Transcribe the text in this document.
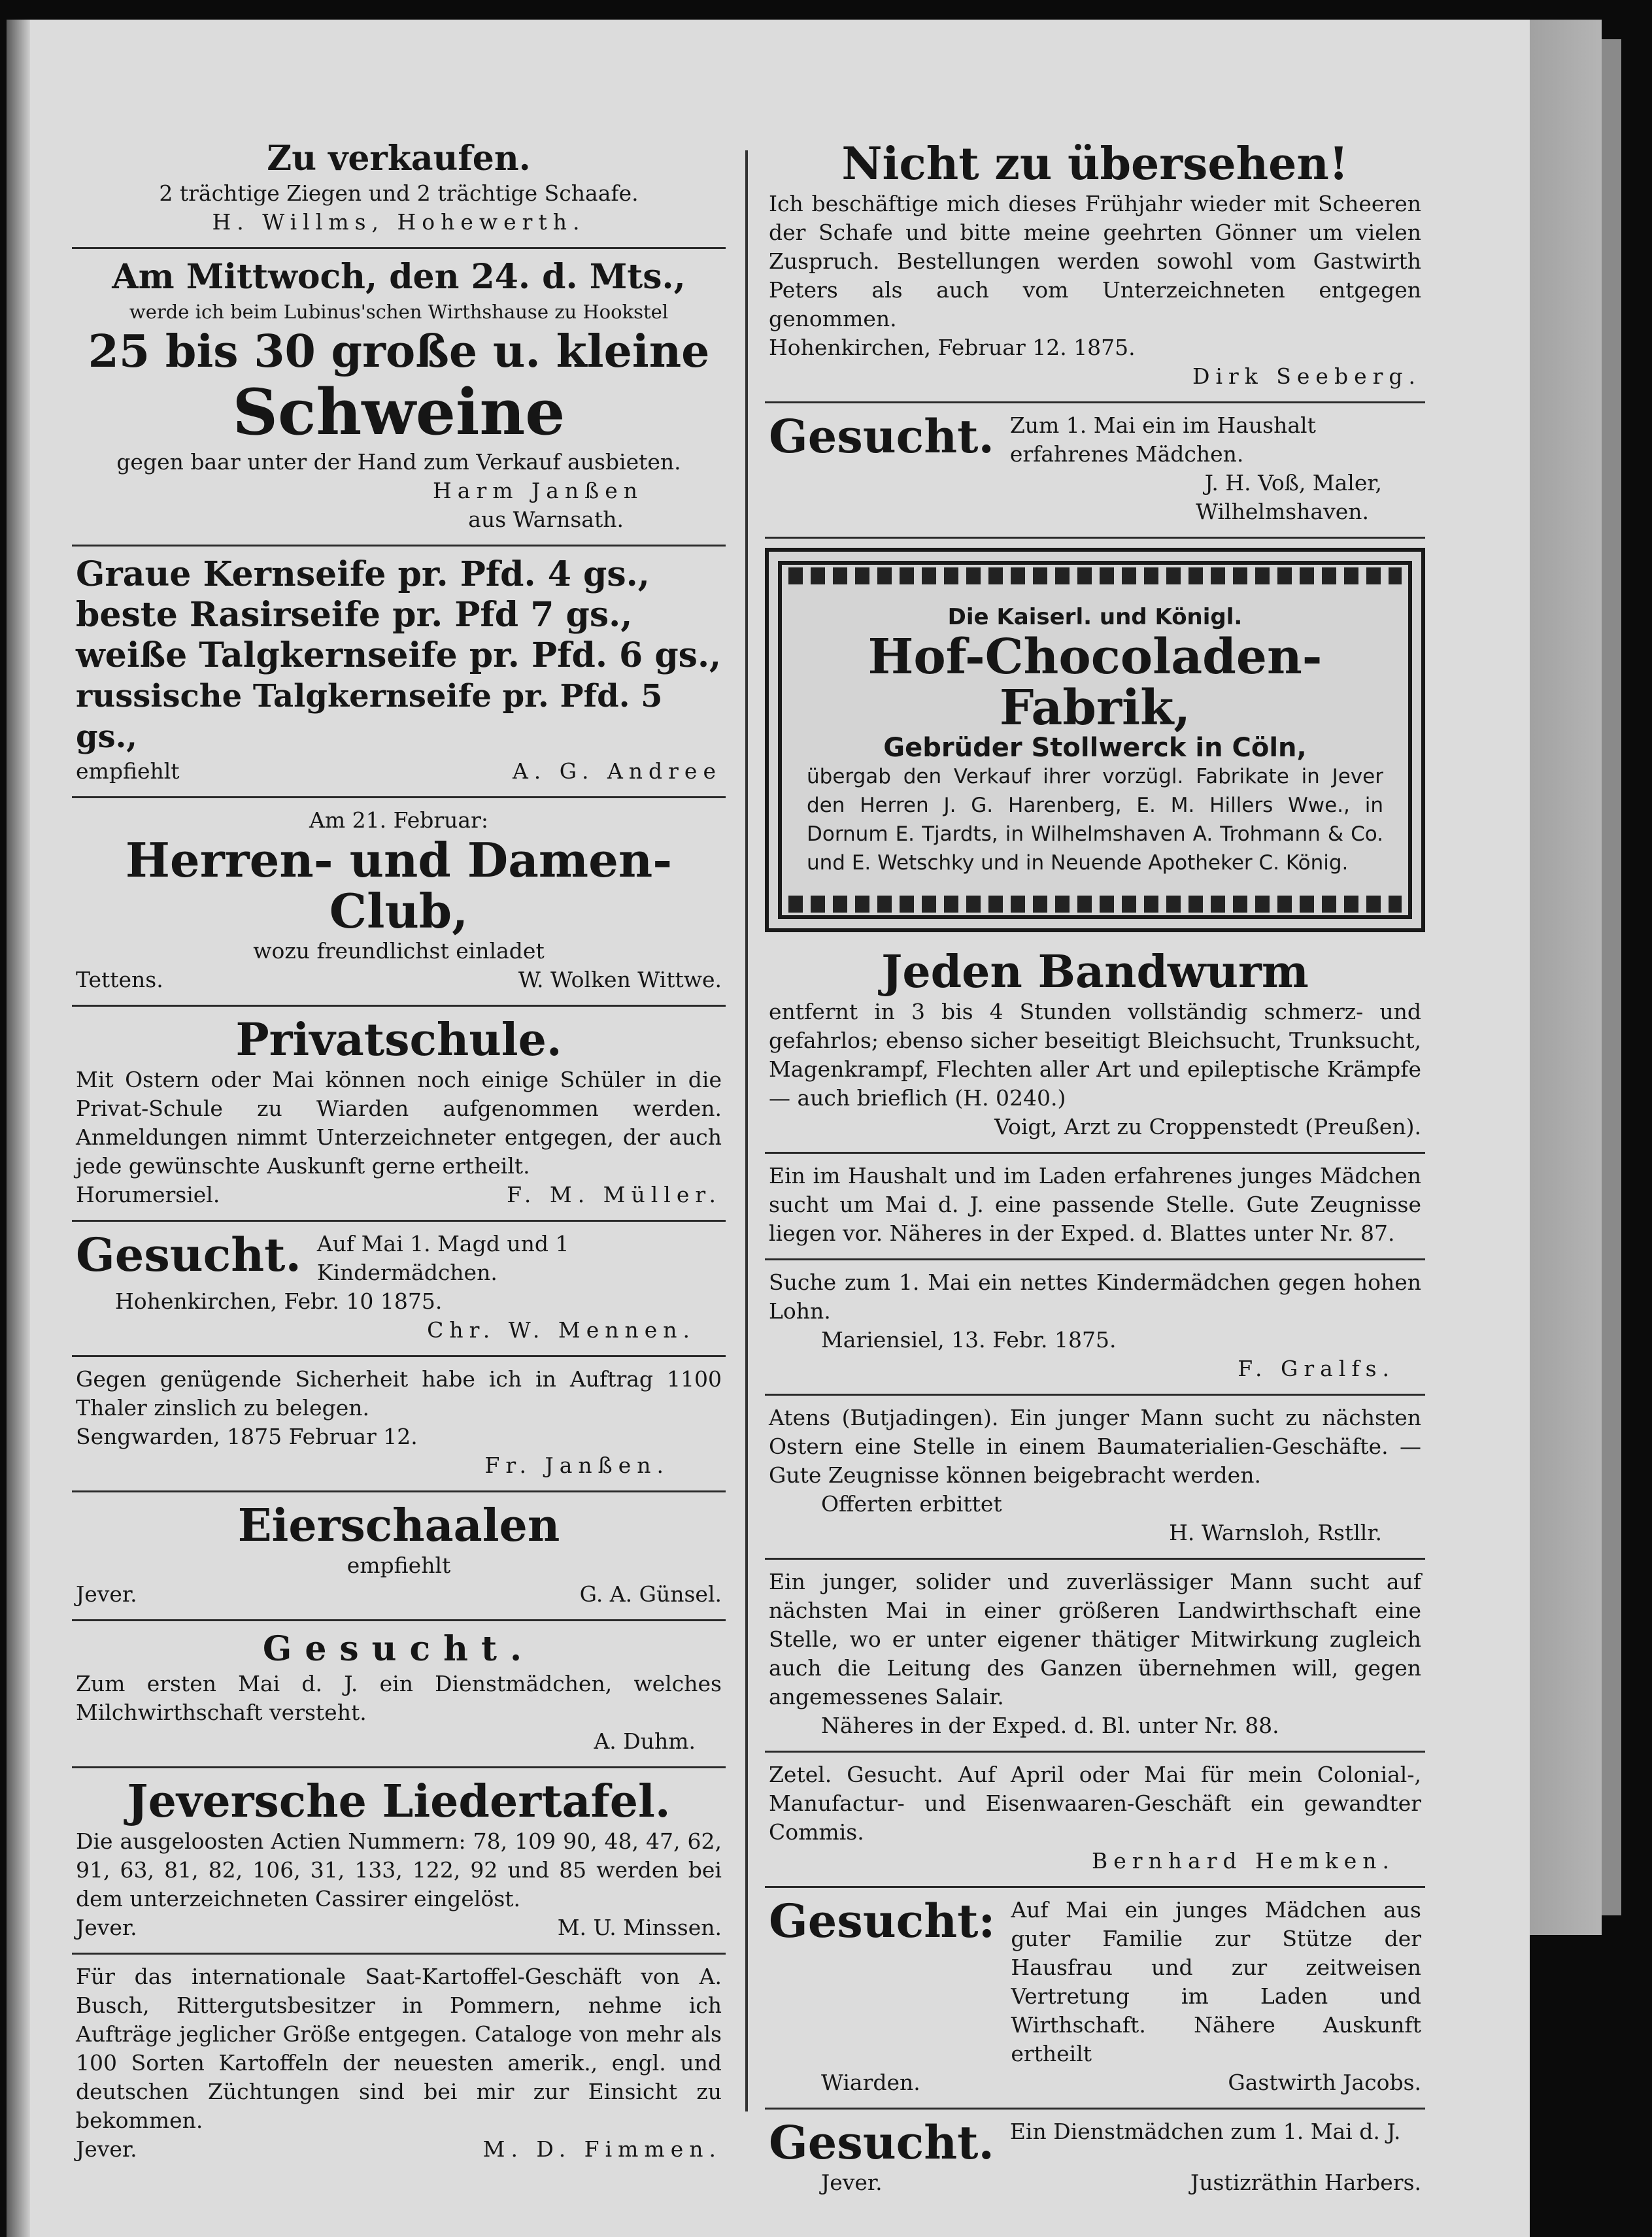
Zu verkaufen.
2 trächtige Ziegen und 2 trächtige Schaafe.
H. Willms, Hohewerth.
Am Mittwoch, den 24. d. Mts.,
werde ich beim Lubinus'schen Wirthshause zu Hookstel
25 bis 30 große u. kleine
Schweine
gegen baar unter der Hand zum Verkauf ausbieten.
Harm Janßen
aus Warnsath.
Graue Kernseife pr. Pfd. 4 gs.,
beste Rasirseife pr. Pfd 7 gs.,
weiße Talgkernseife pr. Pfd. 6 gs.,
russische Talgkernseife pr. Pfd. 5 gs.,
empfiehlt	A. G. Andree
Am 21. Februar:
Herren- und Damen-Club,
wozu freundlichst einladet
Tettens.	W. Wolken Wittwe.
Privatschule.
Mit Ostern oder Mai können noch einige Schüler in die Privat-Schule zu Wiarden aufgenommen werden. Anmeldungen nimmt Unterzeichneter entgegen, der auch jede gewünschte Auskunft gerne ertheilt.
Horumersiel.	F. M. Müller.
Gesucht. Auf Mai 1. Magd und 1 Kindermädchen.
Hohenkirchen, Febr. 10 1875.
Chr. W. Mennen.
Gegen genügende Sicherheit habe ich in Auftrag 1100 Thaler zinslich zu belegen.
Sengwarden, 1875 Februar 12.
Fr. Janßen.
Eierschaalen
empfiehlt
Jever.	G. A. Günsel.
Gesucht.
Zum ersten Mai d. J. ein Dienstmädchen, welches Milchwirthschaft versteht.
A. Duhm.
Jeversche Liedertafel.
Die ausgeloosten Actien Nummern: 78, 109 90, 48, 47, 62, 91, 63, 81, 82, 106, 31, 133, 122, 92 und 85 werden bei dem unterzeichneten Cassirer eingelöst.
Jever.	M. U. Minssen.
Für das internationale Saat-Kartoffel-Geschäft von A. Busch, Rittergutsbesitzer in Pommern, nehme ich Aufträge jeglicher Größe entgegen. Cataloge von mehr als 100 Sorten Kartoffeln der neuesten amerik., engl. und deutschen Züchtungen sind bei mir zur Einsicht zu bekommen.
Jever.	M. D. Fimmen.
Nicht zu übersehen!
Ich beschäftige mich dieses Frühjahr wieder mit Scheeren der Schafe und bitte meine geehrten Gönner um vielen Zuspruch. Bestellungen werden sowohl vom Gastwirth Peters als auch vom Unterzeichneten entgegen genommen.
Hohenkirchen, Februar 12. 1875.
Dirk Seeberg.
Gesucht. Zum 1. Mai ein im Haushalt erfahrenes Mädchen.
J. H. Voß, Maler,
Wilhelmshaven.
Die Kaiserl. und Königl.
Hof-Chocoladen-Fabrik,
Gebrüder Stollwerck in Cöln,
übergab den Verkauf ihrer vorzügl. Fabrikate in Jever den Herren J. G. Harenberg, E. M. Hillers Wwe., in Dornum E. Tjardts, in Wilhelmshaven A. Trohmann & Co. und E. Wetschky und in Neuende Apotheker C. König.
Jeden Bandwurm
entfernt in 3 bis 4 Stunden vollständig schmerz- und gefahrlos; ebenso sicher beseitigt Bleichsucht, Trunksucht, Magenkrampf, Flechten aller Art und epileptische Krämpfe — auch brieflich (H. 0240.)
Voigt, Arzt zu Croppenstedt (Preußen).
Ein im Haushalt und im Laden erfahrenes junges Mädchen sucht um Mai d. J. eine passende Stelle. Gute Zeugnisse liegen vor. Näheres in der Exped. d. Blattes unter Nr. 87.
Suche zum 1. Mai ein nettes Kindermädchen gegen hohen Lohn.
Mariensiel, 13. Febr. 1875.
F. Gralfs.
Atens (Butjadingen). Ein junger Mann sucht zu nächsten Ostern eine Stelle in einem Baumaterialien-Geschäfte. — Gute Zeugnisse können beigebracht werden.
Offerten erbittet
H. Warnsloh, Rstllr.
Ein junger, solider und zuverlässiger Mann sucht auf nächsten Mai in einer größeren Landwirthschaft eine Stelle, wo er unter eigener thätiger Mitwirkung zugleich auch die Leitung des Ganzen übernehmen will, gegen angemessenes Salair.
Näheres in der Exped. d. Bl. unter Nr. 88.
Zetel. Gesucht. Auf April oder Mai für mein Colonial-, Manufactur- und Eisenwaaren-Geschäft ein gewandter Commis.
Bernhard Hemken.
Gesucht: Auf Mai ein junges Mädchen aus guter Familie zur Stütze der Hausfrau und zur zeitweisen Vertretung im Laden und Wirthschaft. Nähere Auskunft ertheilt
Wiarden.	Gastwirth Jacobs.
Gesucht. Ein Dienstmädchen zum 1. Mai d. J.
Jever.	Justizräthin Harbers.
